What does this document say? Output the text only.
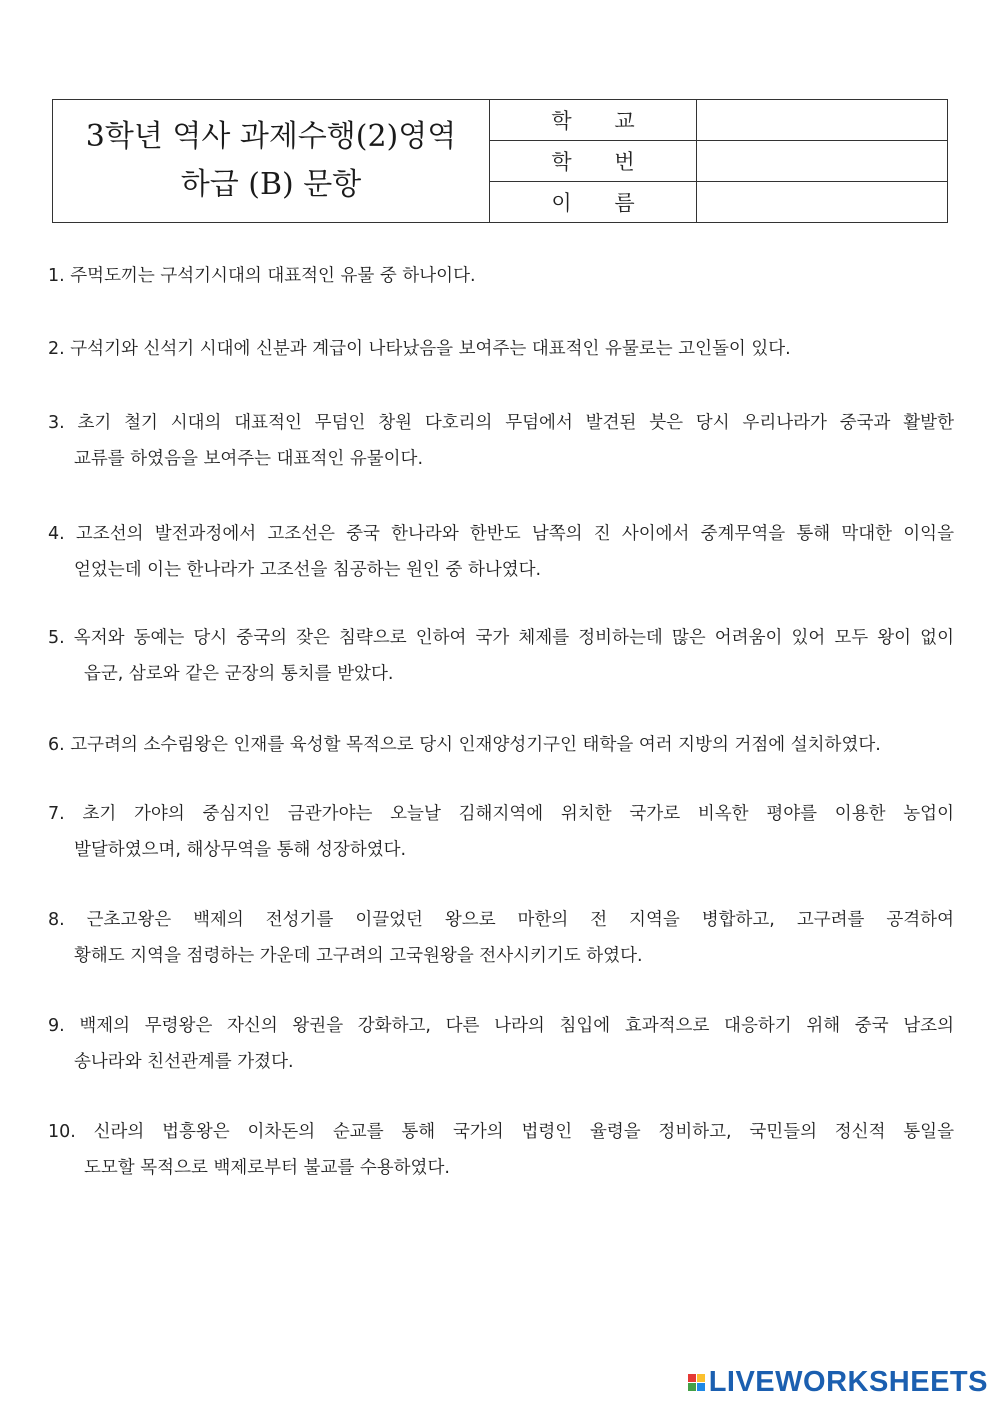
3학년 역사 과제수행(2)영역
하급 (B) 문항	학 교	
	학 번	
	이 름	
1. 주먹도끼는 구석기시대의 대표적인 유물 중 하나이다.
2. 구석기와 신석기 시대에 신분과 계급이 나타났음을 보여주는 대표적인 유물로는 고인돌이 있다.
3. 초기 철기 시대의 대표적인 무덤인 창원 다호리의 무덤에서 발견된 붓은 당시 우리나라가 중국과 활발한
교류를 하였음을 보여주는 대표적인 유물이다.
4. 고조선의 발전과정에서 고조선은 중국 한나라와 한반도 남쪽의 진 사이에서 중계무역을 통해 막대한 이익을
얻었는데 이는 한나라가 고조선을 침공하는 원인 중 하나였다.
5. 옥저와 동예는 당시 중국의 잦은 침략으로 인하여 국가 체제를 정비하는데 많은 어려움이 있어 모두 왕이 없이
읍군, 삼로와 같은 군장의 통치를 받았다.
6. 고구려의 소수림왕은 인재를 육성할 목적으로 당시 인재양성기구인 태학을 여러 지방의 거점에 설치하였다.
7. 초기 가야의 중심지인 금관가야는 오늘날 김해지역에 위치한 국가로 비옥한 평야를 이용한 농업이
발달하였으며, 해상무역을 통해 성장하였다.
8. 근초고왕은 백제의 전성기를 이끌었던 왕으로 마한의 전 지역을 병합하고, 고구려를 공격하여
황해도 지역을 점령하는 가운데 고구려의 고국원왕을 전사시키기도 하였다.
9. 백제의 무령왕은 자신의 왕권을 강화하고, 다른 나라의 침입에 효과적으로 대응하기 위해 중국 남조의
송나라와 친선관계를 가졌다.
10. 신라의 법흥왕은 이차돈의 순교를 통해 국가의 법령인 율령을 정비하고, 국민들의 정신적 통일을
도모할 목적으로 백제로부터 불교를 수용하였다.
LIVEWORKSHEETS
